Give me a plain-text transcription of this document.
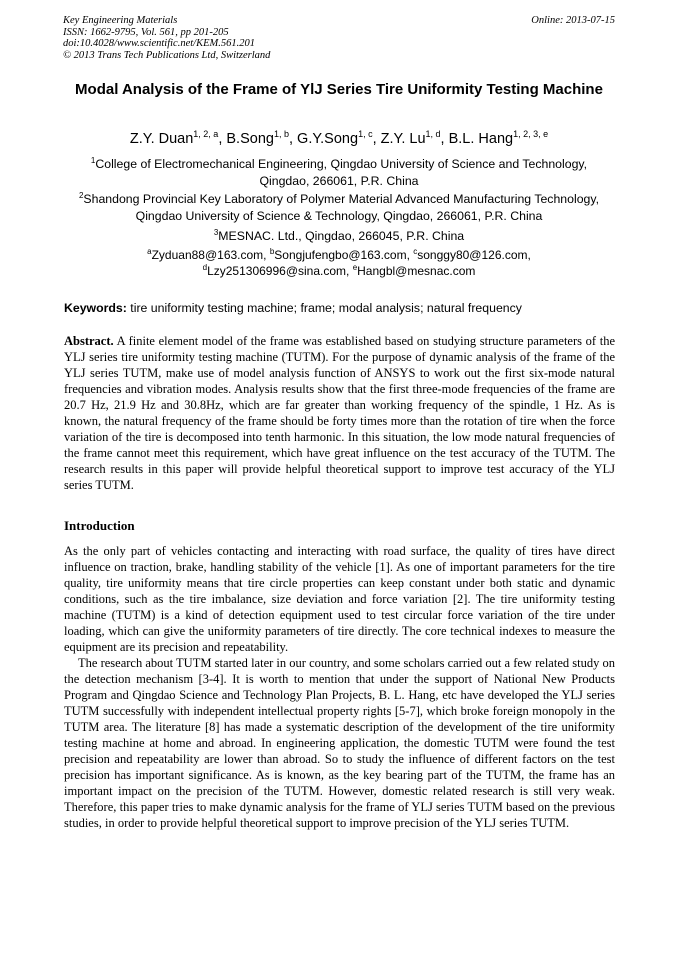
Key Engineering Materials
ISSN: 1662-9795, Vol. 561, pp 201-205
doi:10.4028/www.scientific.net/KEM.561.201
© 2013 Trans Tech Publications Ltd, Switzerland
Online: 2013-07-15
Modal Analysis of the Frame of YlJ Series Tire Uniformity Testing Machine
Z.Y. Duan$^{1, 2, a}$, B.Song$^{1, b}$, G.Y.Song$^{1, c}$, Z.Y. Lu$^{1, d}$, B.L. Hang$^{1, 2, 3, e}$
$^1$College of Electromechanical Engineering, Qingdao University of Science and Technology,
Qingdao, 266061, P.R. China
$^2$Shandong Provincial Key Laboratory of Polymer Material Advanced Manufacturing Technology,
Qingdao University of Science & Technology, Qingdao, 266061, P.R. China
$^3$MESNAC. Ltd., Qingdao, 266045, P.R. China
$^a$Zyduan88@163.com, $^b$Songjufengbo@163.com, $^c$songgy80@126.com,
$^d$Lzy251306996@sina.com, $^e$Hangbl@mesnac.com
Keywords: tire uniformity testing machine; frame; modal analysis; natural frequency

Abstract. A finite element model of the frame was established based on studying structure parameters of the YLJ series tire uniformity testing machine (TUTM). For the purpose of dynamic analysis of the frame of the YLJ series TUTM, make use of model analysis function of ANSYS to work out the first six-mode natural frequencies and vibration modes. Analysis results show that the first three-mode frequencies of the frame are 20.7 Hz, 21.9 Hz and 30.8Hz, which are far greater than working frequency of the spindle, 1 Hz. As is known, the natural frequency of the frame should be forty times more than the rotation of tire when the force variation of the tire is decomposed into tenth harmonic. In this situation, the low mode natural frequencies of the frame cannot meet this requirement, which have great influence on the test accuracy of the TUTM. The research results in this paper will provide helpful theoretical support to improve test accuracy of the YLJ series TUTM.

Introduction

As the only part of vehicles contacting and interacting with road surface, the quality of tires have direct influence on traction, brake, handling stability of the vehicle [1]. As one of important parameters for the tire quality, tire uniformity means that tire circle properties can keep constant under both static and dynamic conditions, such as the tire imbalance, size deviation and force variation [2]. The tire uniformity testing machine (TUTM) is a kind of detection equipment used to test circular force variation of the tire under loading, which can give the uniformity parameters of tire directly. The core technical indexes to measure the equipment are its precision and repeatability.

The research about TUTM started later in our country, and some scholars carried out a few related study on the detection mechanism [3-4]. It is worth to mention that under the support of National New Products Program and Qingdao Science and Technology Plan Projects, B. L. Hang, etc have developed the YLJ series TUTM successfully with independent intellectual property rights [5-7], which broke foreign monopoly in the TUTM area. The literature [8] has made a systematic description of the development of the tire uniformity testing machine at home and abroad. In engineering application, the domestic TUTM were found the test precision and repeatability are lower than abroad. So to study the influence of different factors on the test precision has important significance. As is known, as the key bearing part of the TUTM, the frame has an important impact on the precision of the TUTM. However, domestic related research is still very weak. Therefore, this paper tries to make dynamic analysis for the frame of YLJ series TUTM based on the previous studies, in order to provide helpful theoretical support to improve precision of the YLJ series TUTM.
